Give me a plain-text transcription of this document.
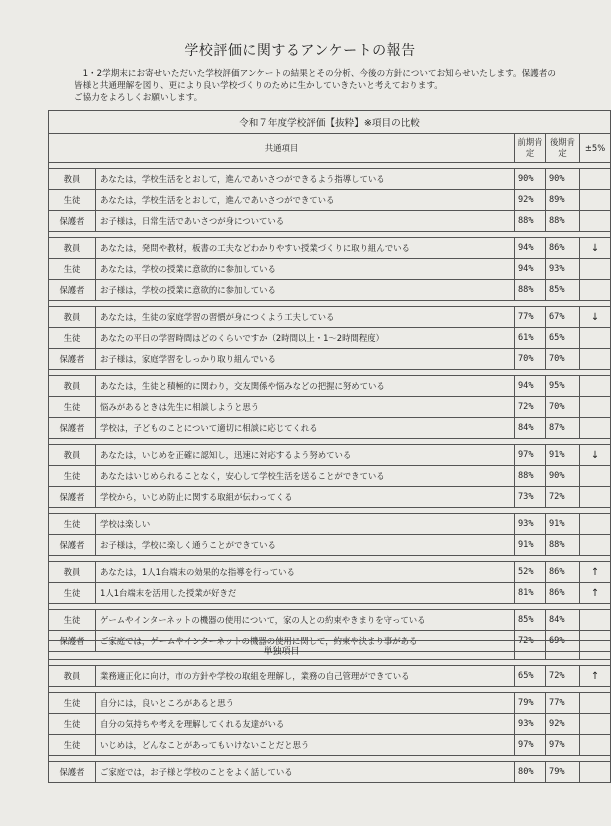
学校評価に関するアンケートの報告

1・2学期末にお寄せいただいた学校評価アンケートの結果とその分析、今後の方針についてお知らせいたします。保護者の皆様と共通理解を図り、更により良い学校づくりのために生かしていきたいと考えております。

ご協力をよろしくお願いします。

令和７年度学校評価【抜粋】※項目の比較				
共通項目		前期肯定	後期肯定	±5%

教員	あなたは，学校生活をとおして，進んであいさつができるよう指導している	90%	90%	
生徒	あなたは，学校生活をとおして，進んであいさつができている	92%	89%	
保護者	お子様は，日常生活であいさつが身についている	88%	88%	

教員	あなたは，発問や教材，板書の工夫などわかりやすい授業づくりに取り組んでいる	94%	86%	↓
生徒	あなたは，学校の授業に意欲的に参加している	94%	93%	
保護者	お子様は，学校の授業に意欲的に参加している	88%	85%	

教員	あなたは，生徒の家庭学習の習慣が身につくよう工夫している	77%	67%	↓
生徒	あなたの平日の学習時間はどのくらいですか（2時間以上・1～2時間程度）	61%	65%	
保護者	お子様は，家庭学習をしっかり取り組んでいる	70%	70%	

教員	あなたは，生徒と積極的に関わり，交友関係や悩みなどの把握に努めている	94%	95%	
生徒	悩みがあるときは先生に相談しようと思う	72%	70%	
保護者	学校は，子どものことについて適切に相談に応じてくれる	84%	87%	

教員	あなたは，いじめを正確に認知し，迅速に対応するよう努めている	97%	91%	↓
生徒	あなたはいじめられることなく，安心して学校生活を送ることができている	88%	90%	
保護者	学校から，いじめ防止に関する取組が伝わってくる	73%	72%	

生徒	学校は楽しい	93%	91%	
保護者	お子様は，学校に楽しく通うことができている	91%	88%	

教員	あなたは，1人1台端末の効果的な指導を行っている	52%	86%	↑
生徒	1人1台端末を活用した授業が好きだ	81%	86%	↑

生徒	ゲームやインターネットの機器の使用について，家の人との約束やきまりを守っている	85%	84%	
保護者	ご家庭では，ゲームやインターネットの機器の使用に関して，約束や決まり事がある	72%	69%	
単独項目				

教員	業務適正化に向け，市の方針や学校の取組を理解し，業務の自己管理ができている	65%	72%	↑

生徒	自分には，良いところがあると思う	79%	77%	
生徒	自分の気持ちや考えを理解してくれる友達がいる	93%	92%	
生徒	いじめは，どんなことがあってもいけないことだと思う	97%	97%	

保護者	ご家庭では，お子様と学校のことをよく話している	80%	79%	
